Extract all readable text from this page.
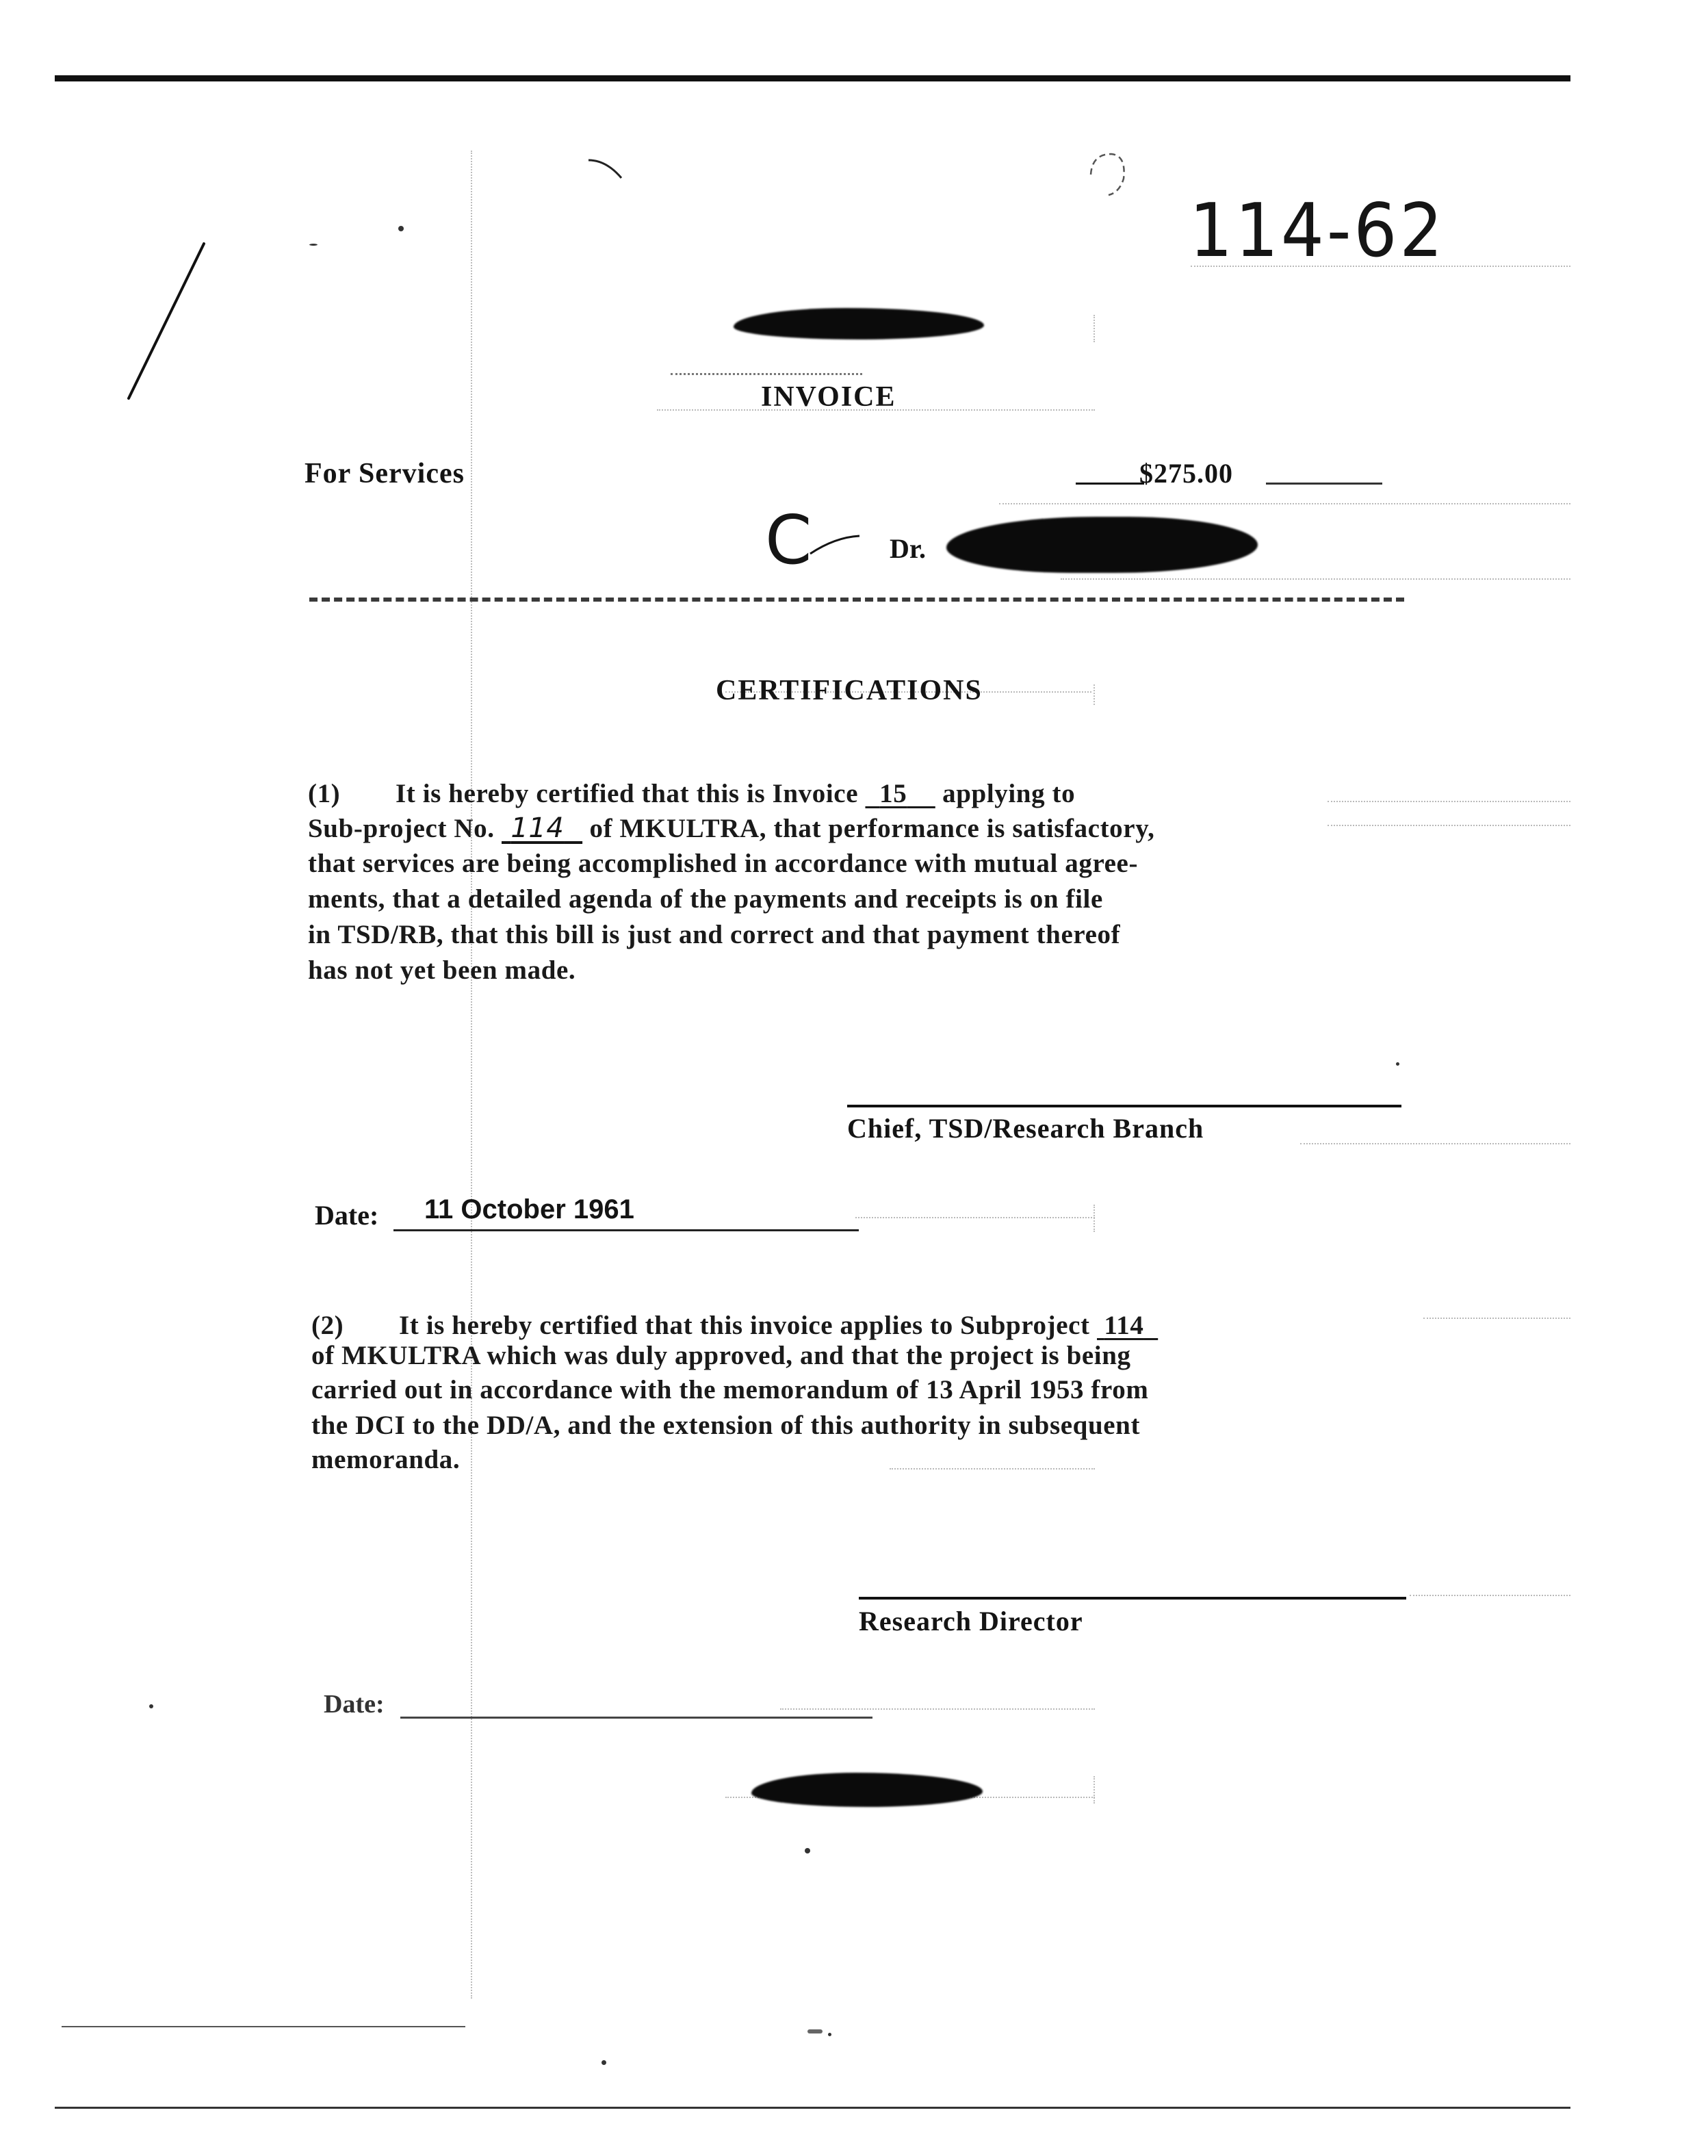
114-62
INVOICE
For Services	$275.00
C	Dr.
CERTIFICATIONS
(1) It is hereby certified that this is Invoice 15 applying to
Sub-project No. 114 of MKULTRA, that performance is satisfactory,
that services are being accomplished in accordance with mutual agree-
ments, that a detailed agenda of the payments and receipts is on file
in TSD/RB, that this bill is just and correct and that payment thereof
has not yet been made.
Chief, TSD/Research Branch
Date: 11 October 1961
(2) It is hereby certified that this invoice applies to Subproject 114
of MKULTRA which was duly approved, and that the project is being
carried out in accordance with the memorandum of 13 April 1953 from
the DCI to the DD/A, and the extension of this authority in subsequent
memoranda.
Research Director
Date:
